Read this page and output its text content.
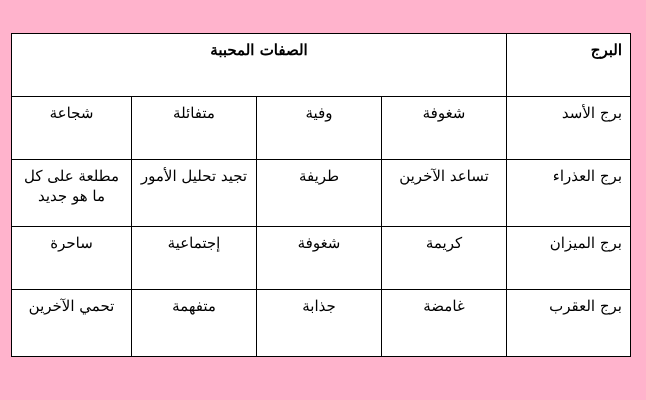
البرج	الصفات المحببة			
برج الأسد	شغوفة	وفية	متفائلة	شجاعة
برج العذراء	تساعد الآخرين	طريفة	تجيد تحليل الأمور	مطلعة على كل ما هو جديد
برج الميزان	كريمة	شغوفة	إجتماعية	ساحرة
برج العقرب	غامضة	جذابة	متفهمة	تحمي الآخرين
